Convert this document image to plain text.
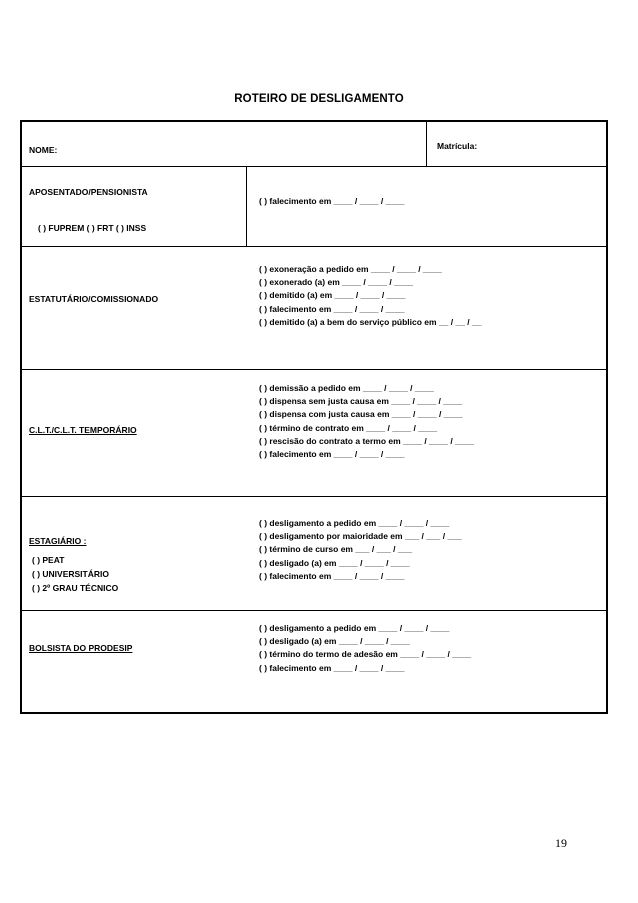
ROTEIRO DE DESLIGAMENTO
NOME:	Matrícula:
APOSENTADO/PENSIONISTA
( ) FUPREM ( ) FRT ( ) INSS
( ) falecimento em ____ / ____ / ____
ESTATUTÁRIO/COMISSIONADO
( ) exoneração a pedido em ____ / ____ / ____
( ) exonerado (a) em ____ / ____ / ____
( ) demitido (a) em ____ / ____ / ____
( ) falecimento em ____ / ____ / ____
( ) demitido (a) a bem do serviço público em __ / __ / __
C.L.T./C.L.T. TEMPORÁRIO
( ) demissão a pedido em ____ / ____ / ____
( ) dispensa sem justa causa em ____ / ____ / ____
( ) dispensa com justa causa em ____ / ____ / ____
( ) término de contrato em ____ / ____ / ____
( ) rescisão do contrato a termo em ____ / ____ / ____
( ) falecimento em ____ / ____ / ____
ESTAGIÁRIO :
( ) PEAT
( ) UNIVERSITÁRIO
( ) 2º GRAU TÉCNICO
( ) desligamento a pedido em ____ / ____ / ____
( ) desligamento por maioridade em ___ / ___ / ___
( ) término de curso em ___ / ___ / ___
( ) desligado (a) em ____ / ____ / ____
( ) falecimento em ____ / ____ / ____
BOLSISTA DO PRODESIP
( ) desligamento a pedido em ____ / ____ / ____
( ) desligado (a) em ____ / ____ / ____
( ) término do termo de adesão em ____ / ____ / ____
( ) falecimento em ____ / ____ / ____
19
